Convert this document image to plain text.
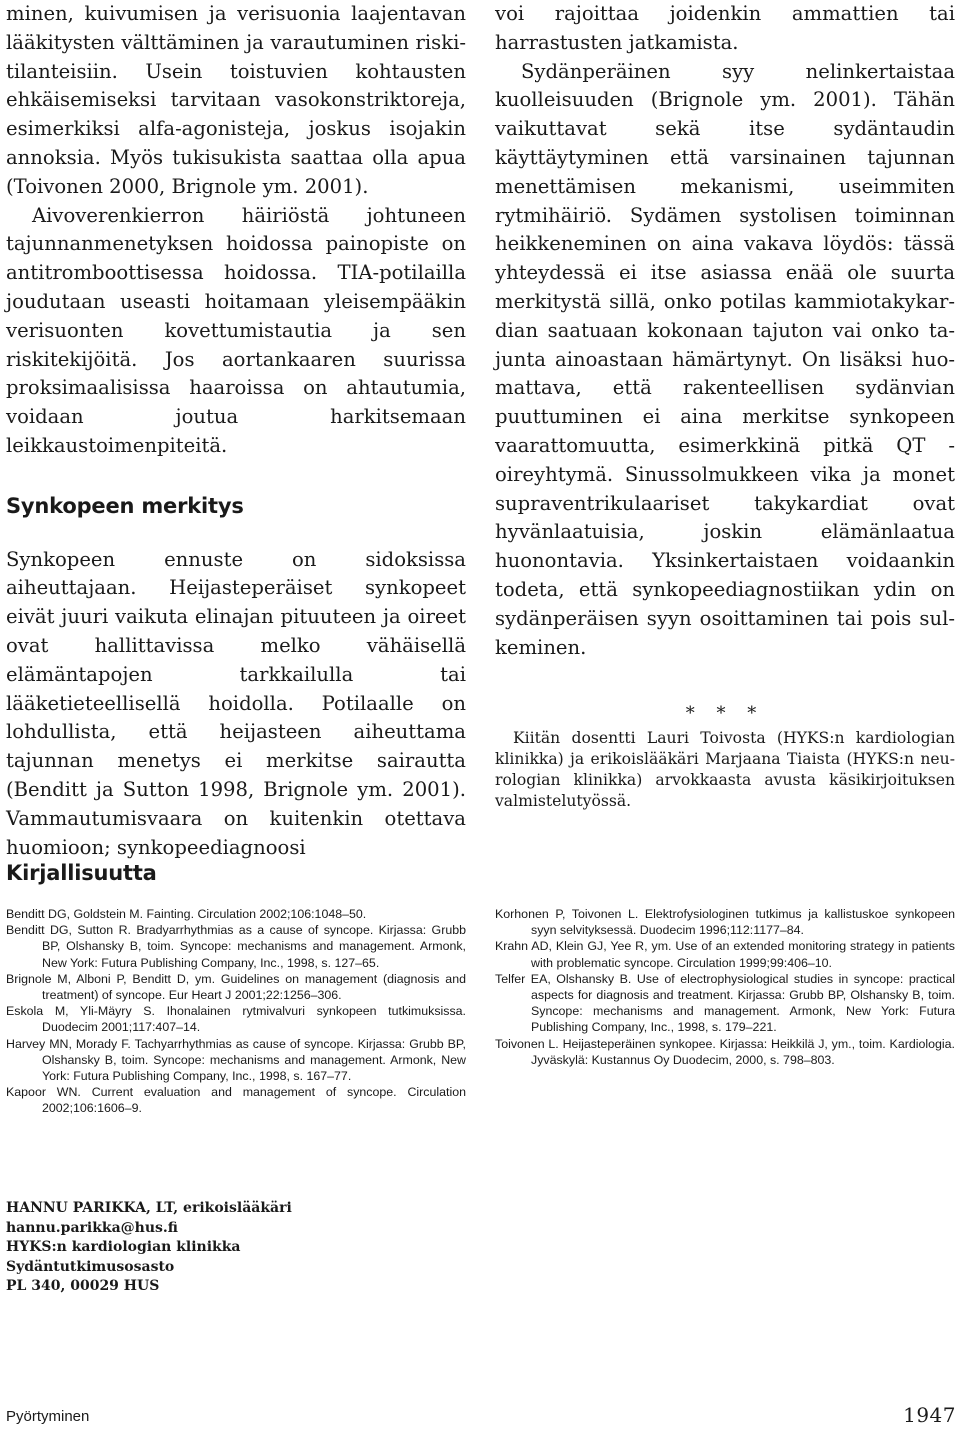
minen, kuivumisen ja verisuonia laajentavan lääkitysten välttäminen ja varautuminen riskitilanteisiin. Usein toistuvien kohtausten ehkäisemiseksi tarvitaan vasokonstriktoreja, esimerkiksi alfa-agonisteja, joskus isojakin annoksia. Myös tukisukista saattaa olla apua (Toivonen 2000, Brignole ym. 2001).

Aivoverenkierron häiriöstä johtuneen tajunnanmenetyksen hoidossa painopiste on antitromboottisessa hoidossa. TIA-potilailla joudutaan useasti hoitamaan yleisempääkin verisuonten kovettumistautia ja sen riskitekijöitä. Jos aortankaaren suurissa proksimaalisissa haaroissa on ahtautumia, voidaan joutua harkitsemaan leikkaustoimenpiteitä.

Synkopeen merkitys

Synkopeen ennuste on sidoksissa aiheuttajaan. Heijasteperäiset synkopeet eivät juuri vaikuta elinajan pituuteen ja oireet ovat hallittavissa melko vähäisellä elämäntapojen tarkkailulla tai lääketieteellisellä hoidolla. Potilaalle on lohdullista, että heijasteen aiheuttama tajunnan menetys ei merkitse sairautta (Benditt ja Sutton 1998, Brignole ym. 2001). Vammautumisvaara on kuitenkin otettava huomioon; synkopeediagnoosi

voi rajoittaa joidenkin ammattien tai harrastusten jatkamista.

Sydänperäinen syy nelinkertaistaa kuolleisuuden (Brignole ym. 2001). Tähän vaikuttavat sekä itse sydäntaudin käyttäytyminen että varsinainen tajunnan menettämisen mekanismi, useimmiten rytmihäiriö. Sydämen systolisen toiminnan heikkeneminen on aina vakava löydös: tässä yhteydessä ei itse asiassa enää ole suurta merkitystä sillä, onko potilas kammiotakykardian saatuaan kokonaan tajuton vai onko tajunta ainoastaan hämärtynyt. On lisäksi huomattava, että rakenteellisen sydänvian puuttuminen ei aina merkitse synkopeen vaarattomuutta, esimerkkinä pitkä QT -oireyhtymä. Sinussolmukkeen vika ja monet supraventrikulaariset takykardiat ovat hyvänlaatuisia, joskin elämänlaatua huonontavia. Yksinkertaistaen voidaankin todeta, että synkopeediagnostiikan ydin on sydänperäisen syyn osoittaminen tai pois sulkeminen.

* * *

Kiitän dosentti Lauri Toivosta (HYKS:n kardiologian klinikka) ja erikoislääkäri Marjaana Tiaista (HYKS:n neurologian klinikka) arvokkaasta avusta käsikirjoituksen valmistelutyössä.

Kirjallisuutta

Benditt DG, Goldstein M. Fainting. Circulation 2002;106:1048–50.

Benditt DG, Sutton R. Bradyarrhythmias as a cause of syncope. Kirjassa: Grubb BP, Olshansky B, toim. Syncope: mechanisms and management. Armonk, New York: Futura Publishing Company, Inc., 1998, s. 127–65.

Brignole M, Alboni P, Benditt D, ym. Guidelines on management (diagnosis and treatment) of syncope. Eur Heart J 2001;22:1256–306.

Eskola M, Yli-Mäyry S. Ihonalainen rytmivalvuri synkopeen tutkimuksissa. Duodecim 2001;117:407–14.

Harvey MN, Morady F. Tachyarrhythmias as cause of syncope. Kirjassa: Grubb BP, Olshansky B, toim. Syncope: mechanisms and management. Armonk, New York: Futura Publishing Company, Inc., 1998, s. 167–77.

Kapoor WN. Current evaluation and management of syncope. Circulation 2002;106:1606–9.

Korhonen P, Toivonen L. Elektrofysiologinen tutkimus ja kallistuskoe synkopeen syyn selvityksessä. Duodecim 1996;112:1177–84.

Krahn AD, Klein GJ, Yee R, ym. Use of an extended monitoring strategy in patients with problematic syncope. Circulation 1999;99:406–10.

Telfer EA, Olshansky B. Use of electrophysiological studies in syncope: practical aspects for diagnosis and treatment. Kirjassa: Grubb BP, Olshansky B, toim. Syncope: mechanisms and management. Armonk, New York: Futura Publishing Company, Inc., 1998, s. 179–221.

Toivonen L. Heijasteperäinen synkopee. Kirjassa: Heikkilä J, ym., toim. Kardiologia. Jyväskylä: Kustannus Oy Duodecim, 2000, s. 798–803.

HANNU PARIKKA, LT, erikoislääkäri
hannu.parikka@hus.fi
HYKS:n kardiologian klinikka
Sydäntutkimusosasto
PL 340, 00029 HUS
Pyörtyminen	1947
